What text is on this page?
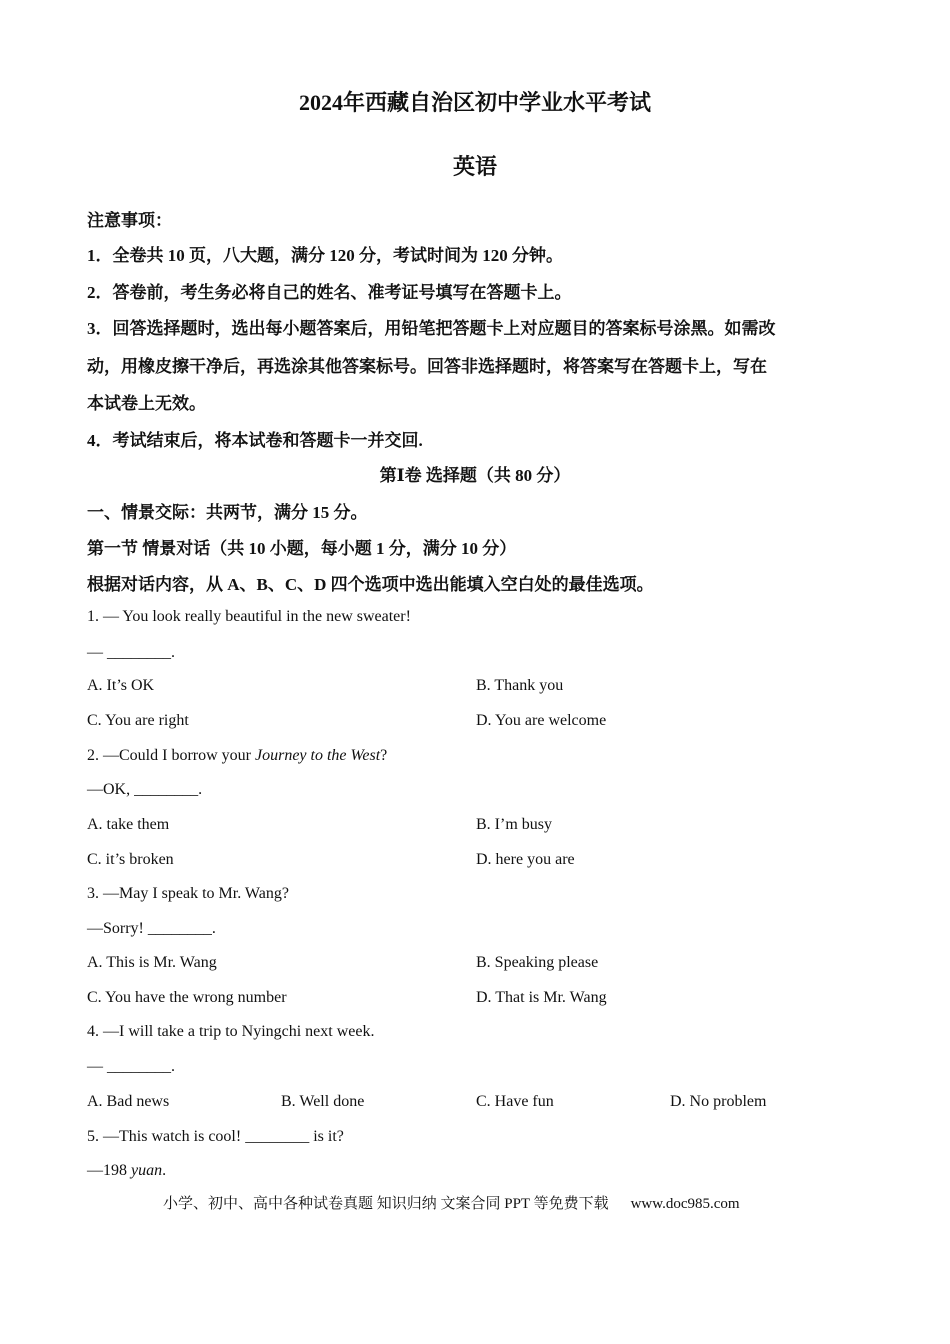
2024年西藏自治区初中学业水平考试
英语
注意事项：
1．全卷共 10 页，八大题，满分 120 分，考试时间为 120 分钟。
2．答卷前，考生务必将自己的姓名、准考证号填写在答题卡上。
3．回答选择题时，选出每小题答案后，用铅笔把答题卡上对应题目的答案标号涂黑。如需改
动，用橡皮擦干净后，再选涂其他答案标号。回答非选择题时，将答案写在答题卡上，写在
本试卷上无效。
4．考试结束后，将本试卷和答题卡一并交回.
第Ⅰ卷 选择题（共 80 分）
一、情景交际：共两节，满分 15 分。
第一节 情景对话（共 10 小题，每小题 1 分，满分 10 分）
根据对话内容，从 A、B、C、D 四个选项中选出能填入空白处的最佳选项。
1. — You look really beautiful in the new sweater!
— ________.
A. It’s OK	B. Thank you
C. You are right	D. You are welcome
2. —Could I borrow your Journey to the West?
—OK, ________.
A. take them	B. I’m busy
C. it’s broken	D. here you are
3. —May I speak to Mr. Wang?
—Sorry! ________.
A. This is Mr. Wang	B. Speaking please
C. You have the wrong number	D. That is Mr. Wang
4. —I will take a trip to Nyingchi next week.
— ________.
A. Bad news	B. Well done	C. Have fun	D. No problem
5. —This watch is cool! ________ is it?
—198 yuan.
小学、初中、高中各种试卷真题 知识归纳 文案合同 PPT 等免费下载 www.doc985.com
